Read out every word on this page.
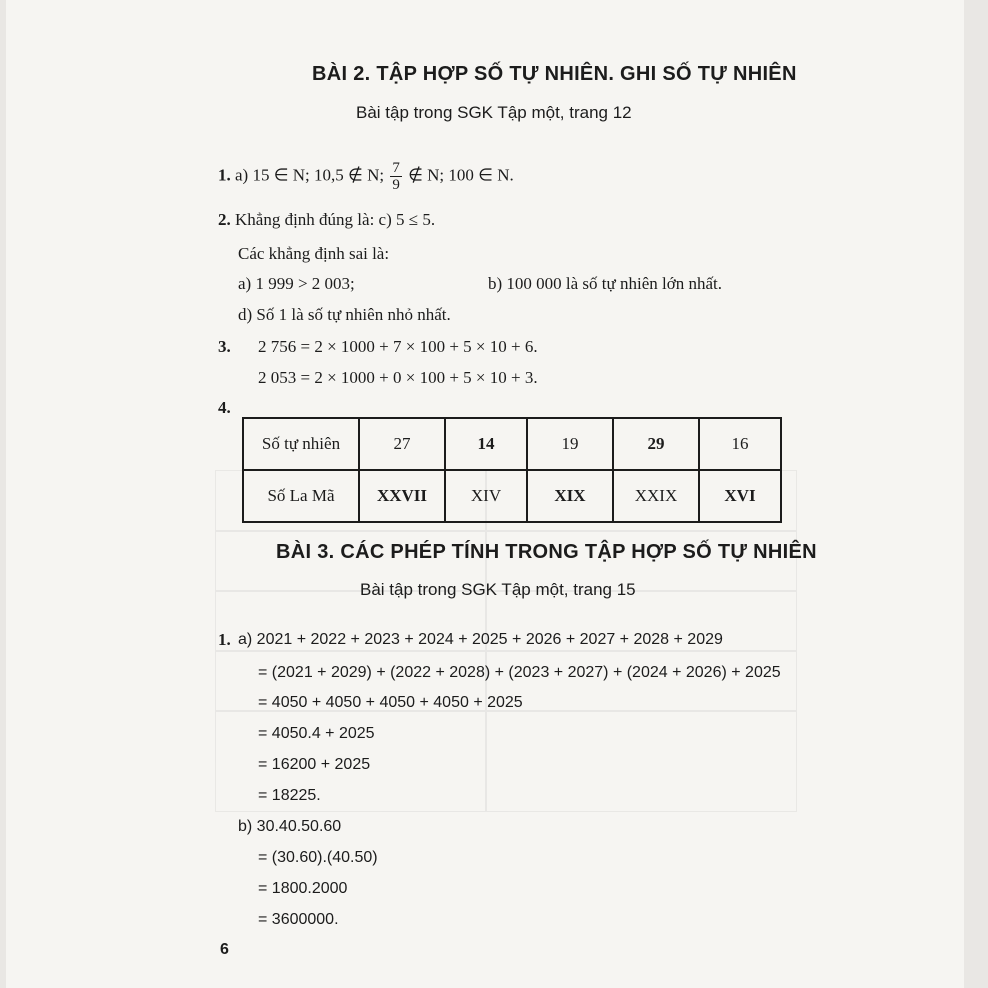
BÀI 2. TẬP HỢP SỐ TỰ NHIÊN. GHI SỐ TỰ NHIÊN
Bài tập trong SGK Tập một, trang 12
1. a) 15 ∈ N; 10,5 ∉ N; $\frac{7}{9}$ ∉ N; 100 ∈ N.
2. Khẳng định đúng là: c) 5 ≤ 5.
Các khẳng định sai là:
a) 1 999 > 2 003;	b) 100 000 là số tự nhiên lớn nhất.
d) Số 1 là số tự nhiên nhỏ nhất.
3. 2 756 = 2 × 1000 + 7 × 100 + 5 × 10 + 6.
2 053 = 2 × 1000 + 0 × 100 + 5 × 10 + 3.
4.
Số tự nhiên	27	14	19	29	16
Số La Mã	XXVII	XIV	XIX	XXIX	XVI
BÀI 3. CÁC PHÉP TÍNH TRONG TẬP HỢP SỐ TỰ NHIÊN
Bài tập trong SGK Tập một, trang 15
1. a) 2021 + 2022 + 2023 + 2024 + 2025 + 2026 + 2027 + 2028 + 2029
= (2021 + 2029) + (2022 + 2028) + (2023 + 2027) + (2024 + 2026) + 2025
= 4050 + 4050 + 4050 + 4050 + 2025
= 4050.4 + 2025
= 16200 + 2025
= 18225.
b) 30.40.50.60
= (30.60).(40.50)
= 1800.2000
= 3600000.
6
